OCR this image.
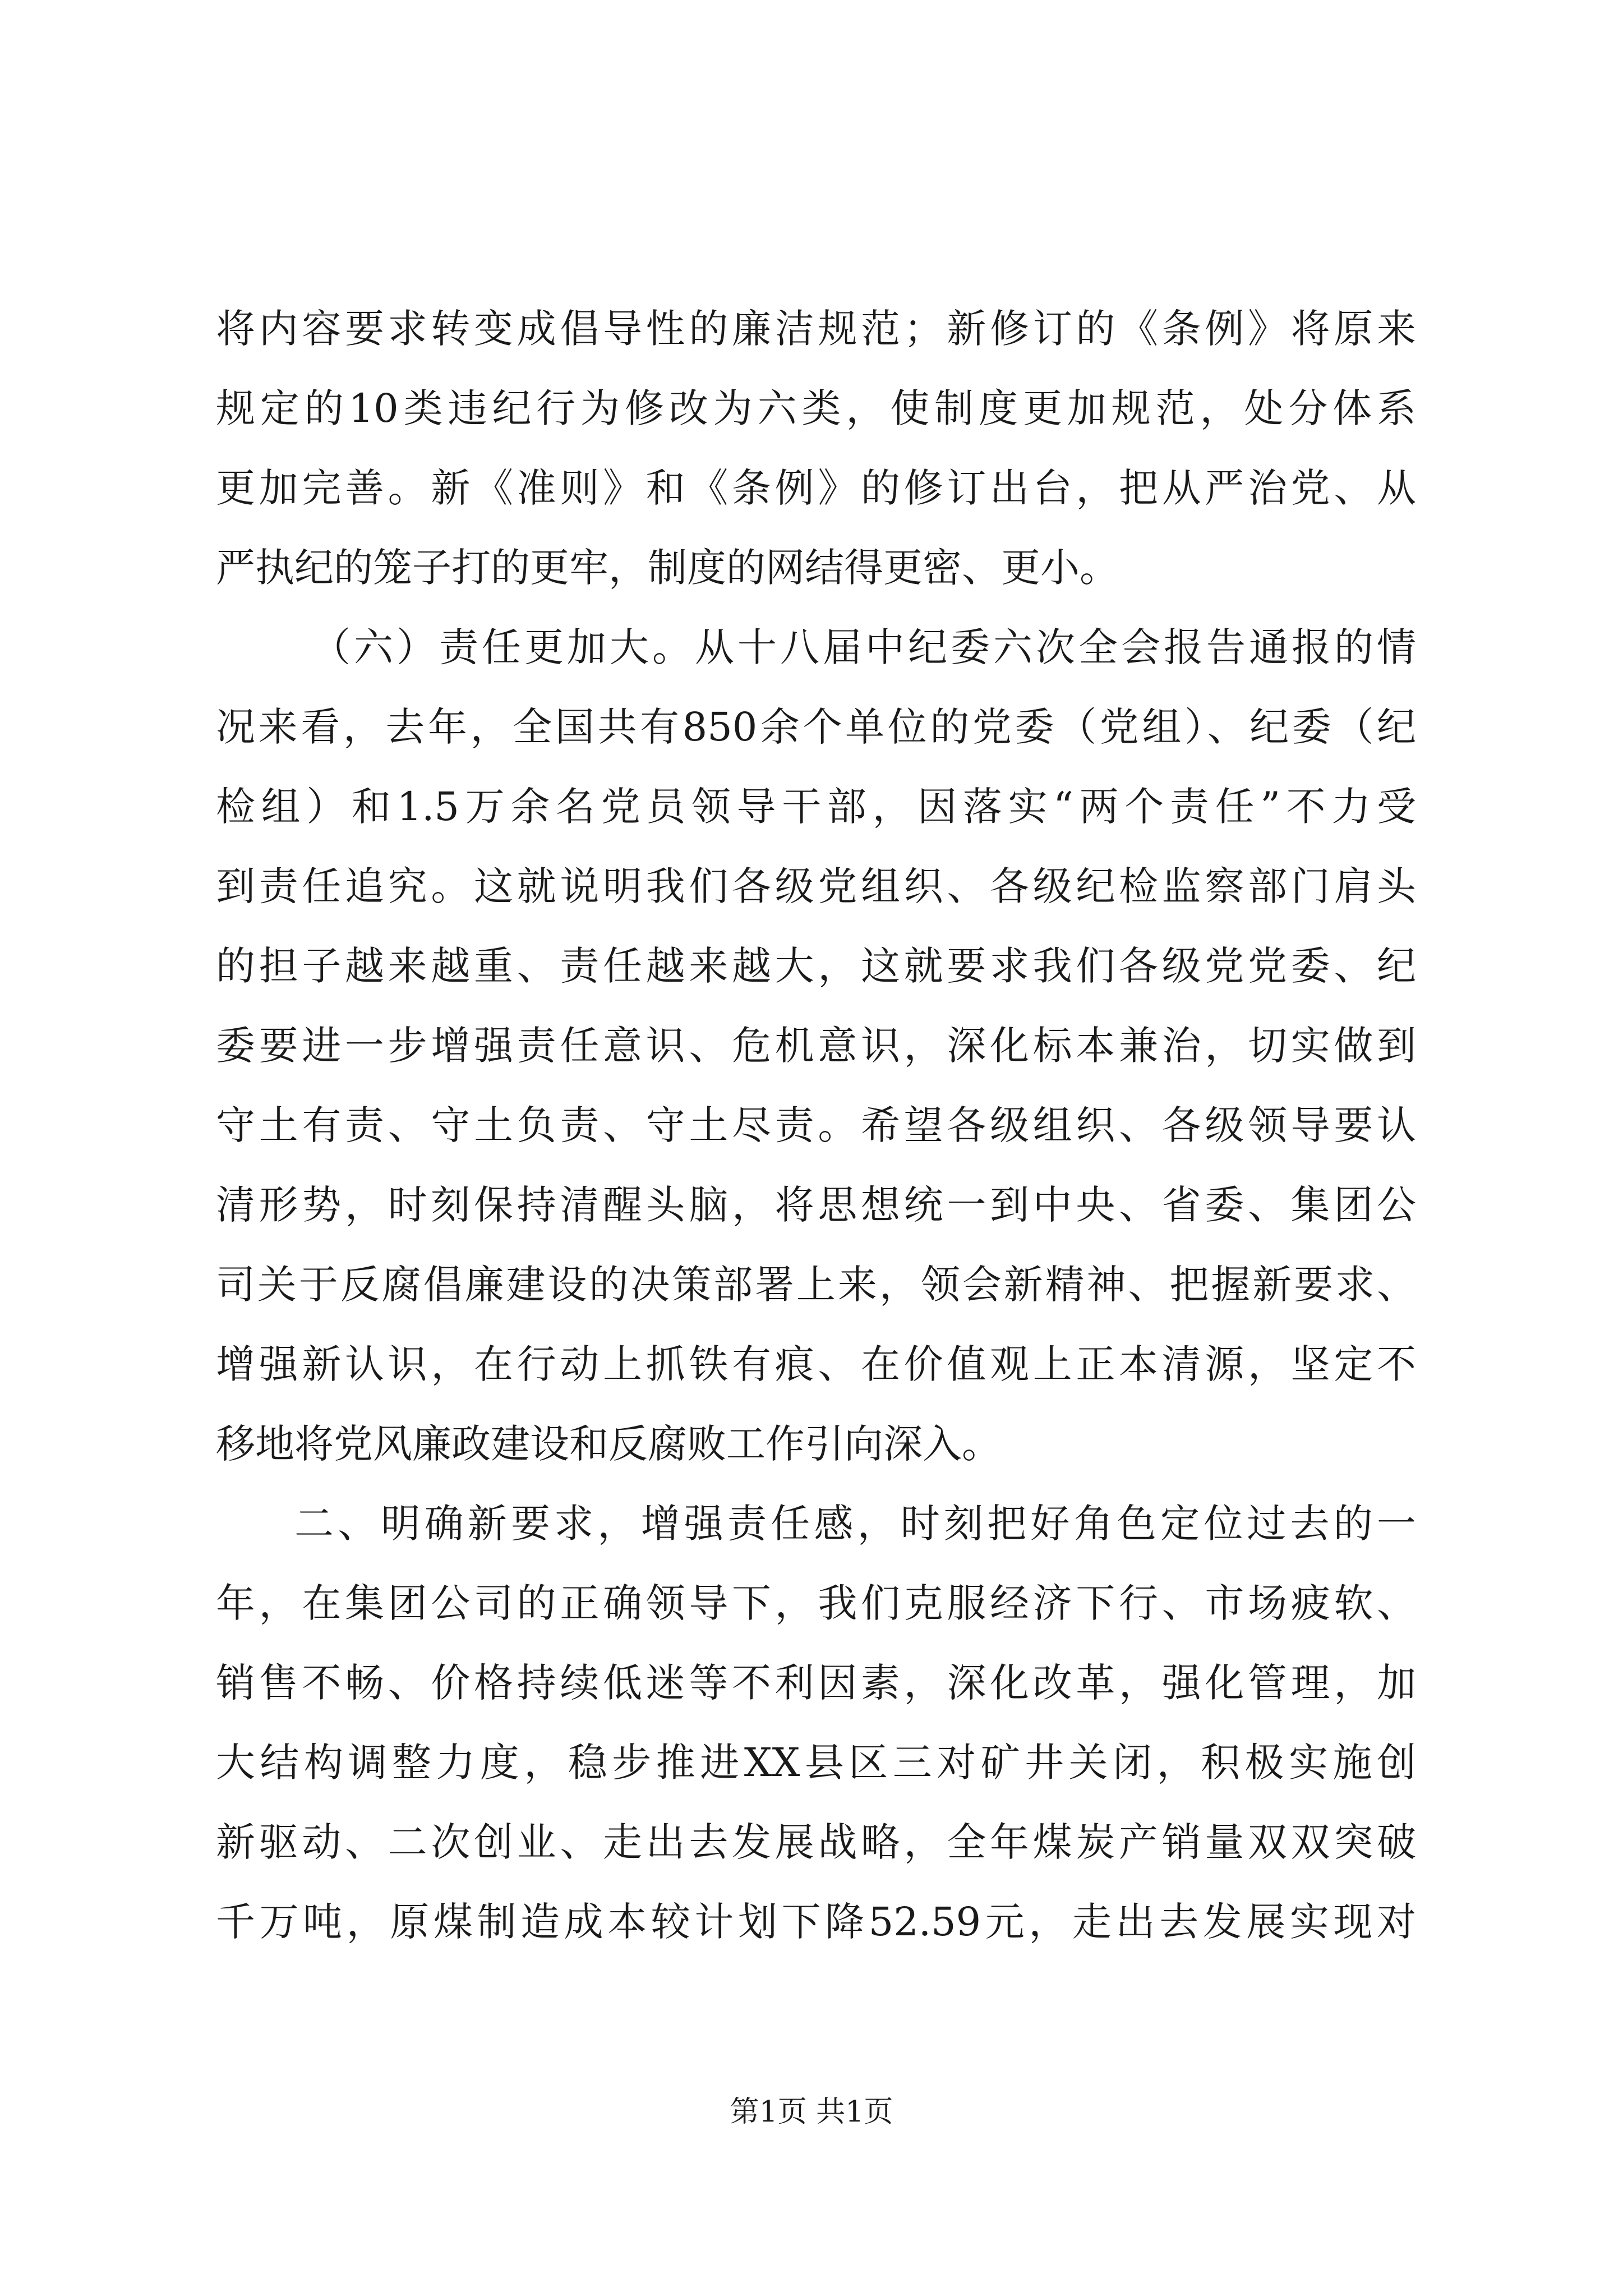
将内容要求转变成倡导性的廉洁规范；新修订的《条例》将原来
规定的10类违纪行为修改为六类，使制度更加规范，处分体系
更加完善。新《准则》和《条例》的修订出台，把从严治党、从
严执纪的笼子打的更牢，制度的网结得更密、更小。
（六）责任更加大。从十八届中纪委六次全会报告通报的情
况来看，去年，全国共有850余个单位的党委（党组）、纪委（纪
检组）和1.5万余名党员领导干部，因落实“两个责任”不力受
到责任追究。这就说明我们各级党组织、各级纪检监察部门肩头
的担子越来越重、责任越来越大，这就要求我们各级党党委、纪
委要进一步增强责任意识、危机意识，深化标本兼治，切实做到
守土有责、守土负责、守土尽责。希望各级组织、各级领导要认
清形势，时刻保持清醒头脑，将思想统一到中央、省委、集团公
司关于反腐倡廉建设的决策部署上来，领会新精神、把握新要求、
增强新认识，在行动上抓铁有痕、在价值观上正本清源，坚定不
移地将党风廉政建设和反腐败工作引向深入。
二、明确新要求，增强责任感，时刻把好角色定位过去的一
年，在集团公司的正确领导下，我们克服经济下行、市场疲软、
销售不畅、价格持续低迷等不利因素，深化改革，强化管理，加
大结构调整力度，稳步推进XX县区三对矿井关闭，积极实施创
新驱动、二次创业、走出去发展战略，全年煤炭产销量双双突破
千万吨，原煤制造成本较计划下降52.59元，走出去发展实现对
第1页 共1页
